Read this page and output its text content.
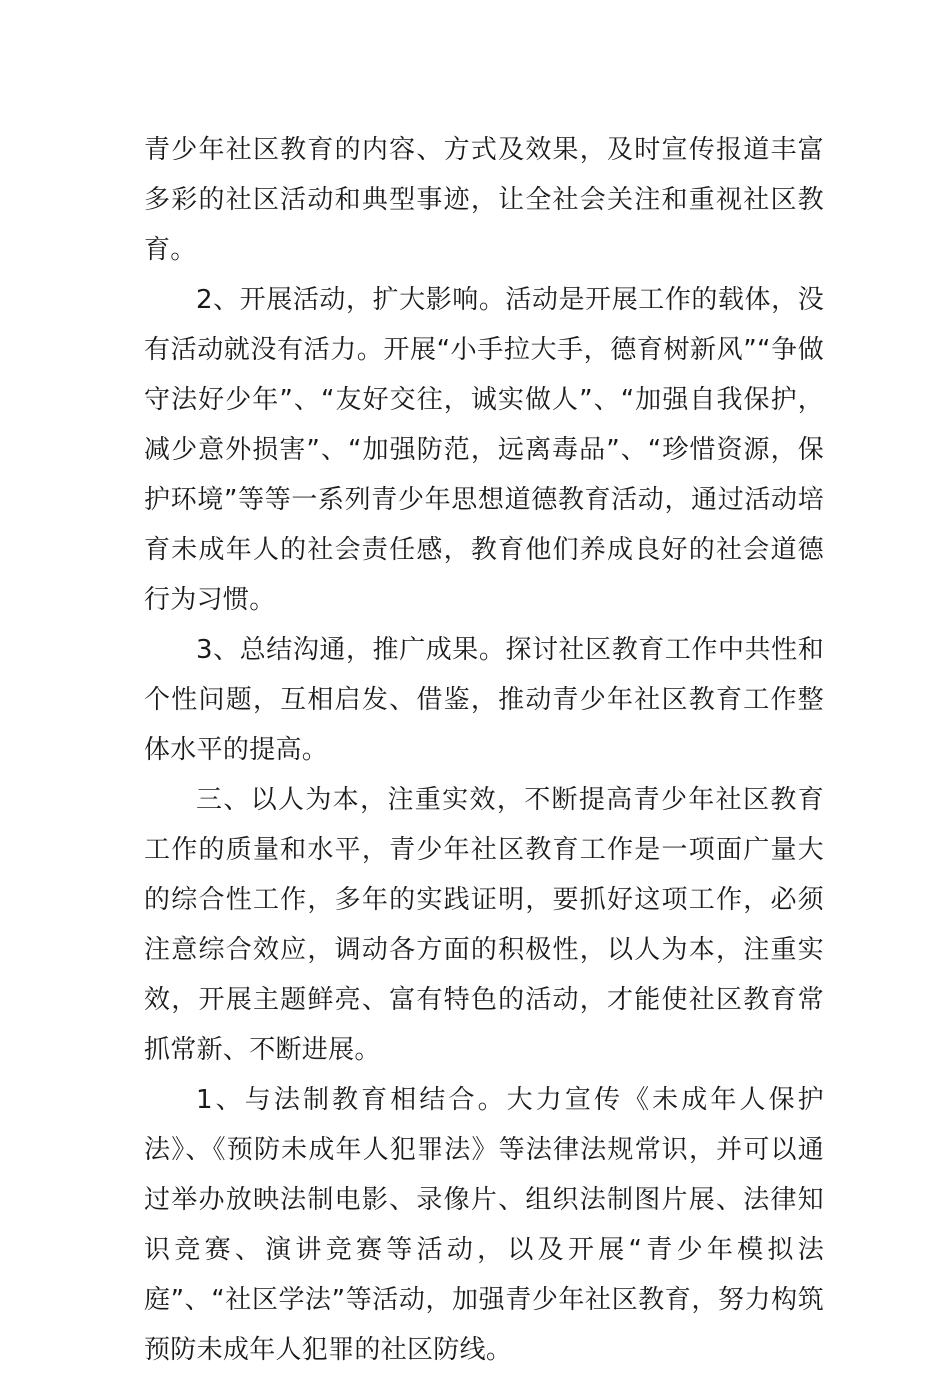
青少年社区教育的内容、方式及效果，及时宣传报道丰富多彩的社区活动和典型事迹，让全社会关注和重视社区教育。

2、开展活动，扩大影响。活动是开展工作的载体，没有活动就没有活力。开展“小手拉大手，德育树新风”“争做守法好少年”、“友好交往，诚实做人”、“加强自我保护，减少意外损害”、“加强防范，远离毒品”、“珍惜资源，保护环境”等等一系列青少年思想道德教育活动，通过活动培育未成年人的社会责任感，教育他们养成良好的社会道德行为习惯。

3、总结沟通，推广成果。探讨社区教育工作中共性和个性问题，互相启发、借鉴，推动青少年社区教育工作整体水平的提高。

三、以人为本，注重实效，不断提高青少年社区教育工作的质量和水平，青少年社区教育工作是一项面广量大的综合性工作，多年的实践证明，要抓好这项工作，必须注意综合效应，调动各方面的积极性，以人为本，注重实效，开展主题鲜亮、富有特色的活动，才能使社区教育常抓常新、不断进展。

1、与法制教育相结合。大力宣传《未成年人保护法》、《预防未成年人犯罪法》等法律法规常识，并可以通过举办放映法制电影、录像片、组织法制图片展、法律知识竞赛、演讲竞赛等活动，以及开展“青少年模拟法庭”、“社区学法”等活动，加强青少年社区教育，努力构筑预防未成年人犯罪的社区防线。
